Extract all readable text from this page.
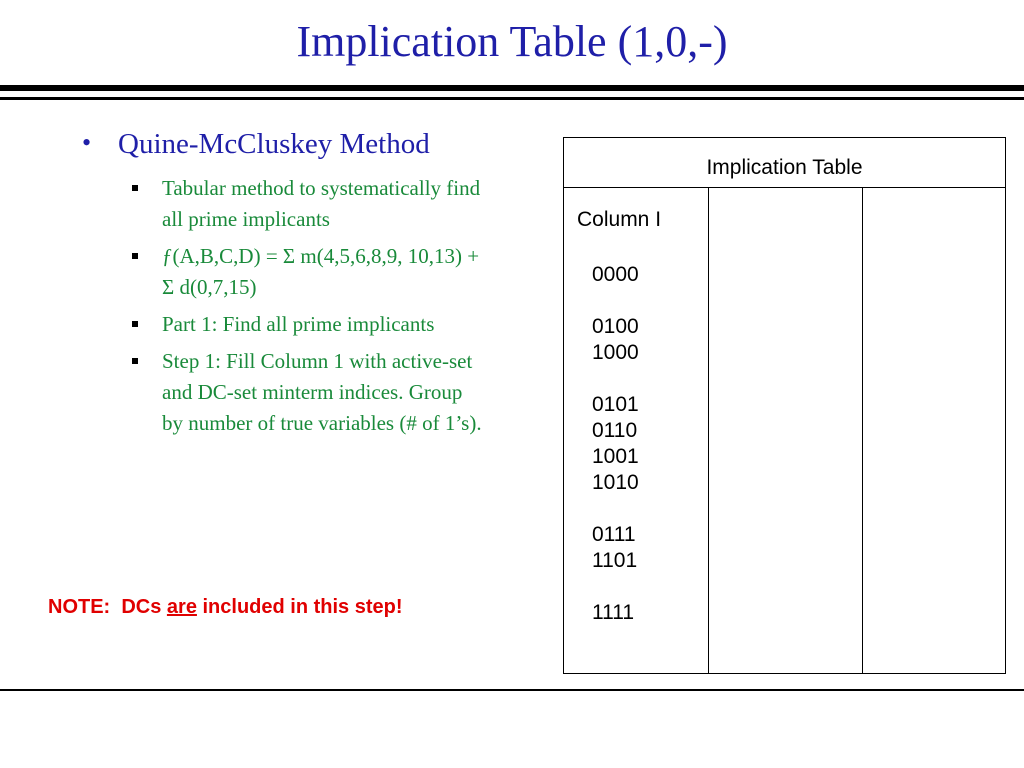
Implication Table (1,0,-)
• Quine-McCluskey Method
Tabular method to systematically find all prime implicants
ƒ(A,B,C,D) = Σ m(4,5,6,8,9, 10,13) + Σ d(0,7,15)
Part 1: Find all prime implicants
Step 1: Fill Column 1 with active-set and DC-set minterm indices. Group by number of true variables (# of 1’s).
NOTE:  DCs are included in this step!
Implication Table
Column I
0000
0100
1000
0101
0110
1001
1010
0111
1101
1111
